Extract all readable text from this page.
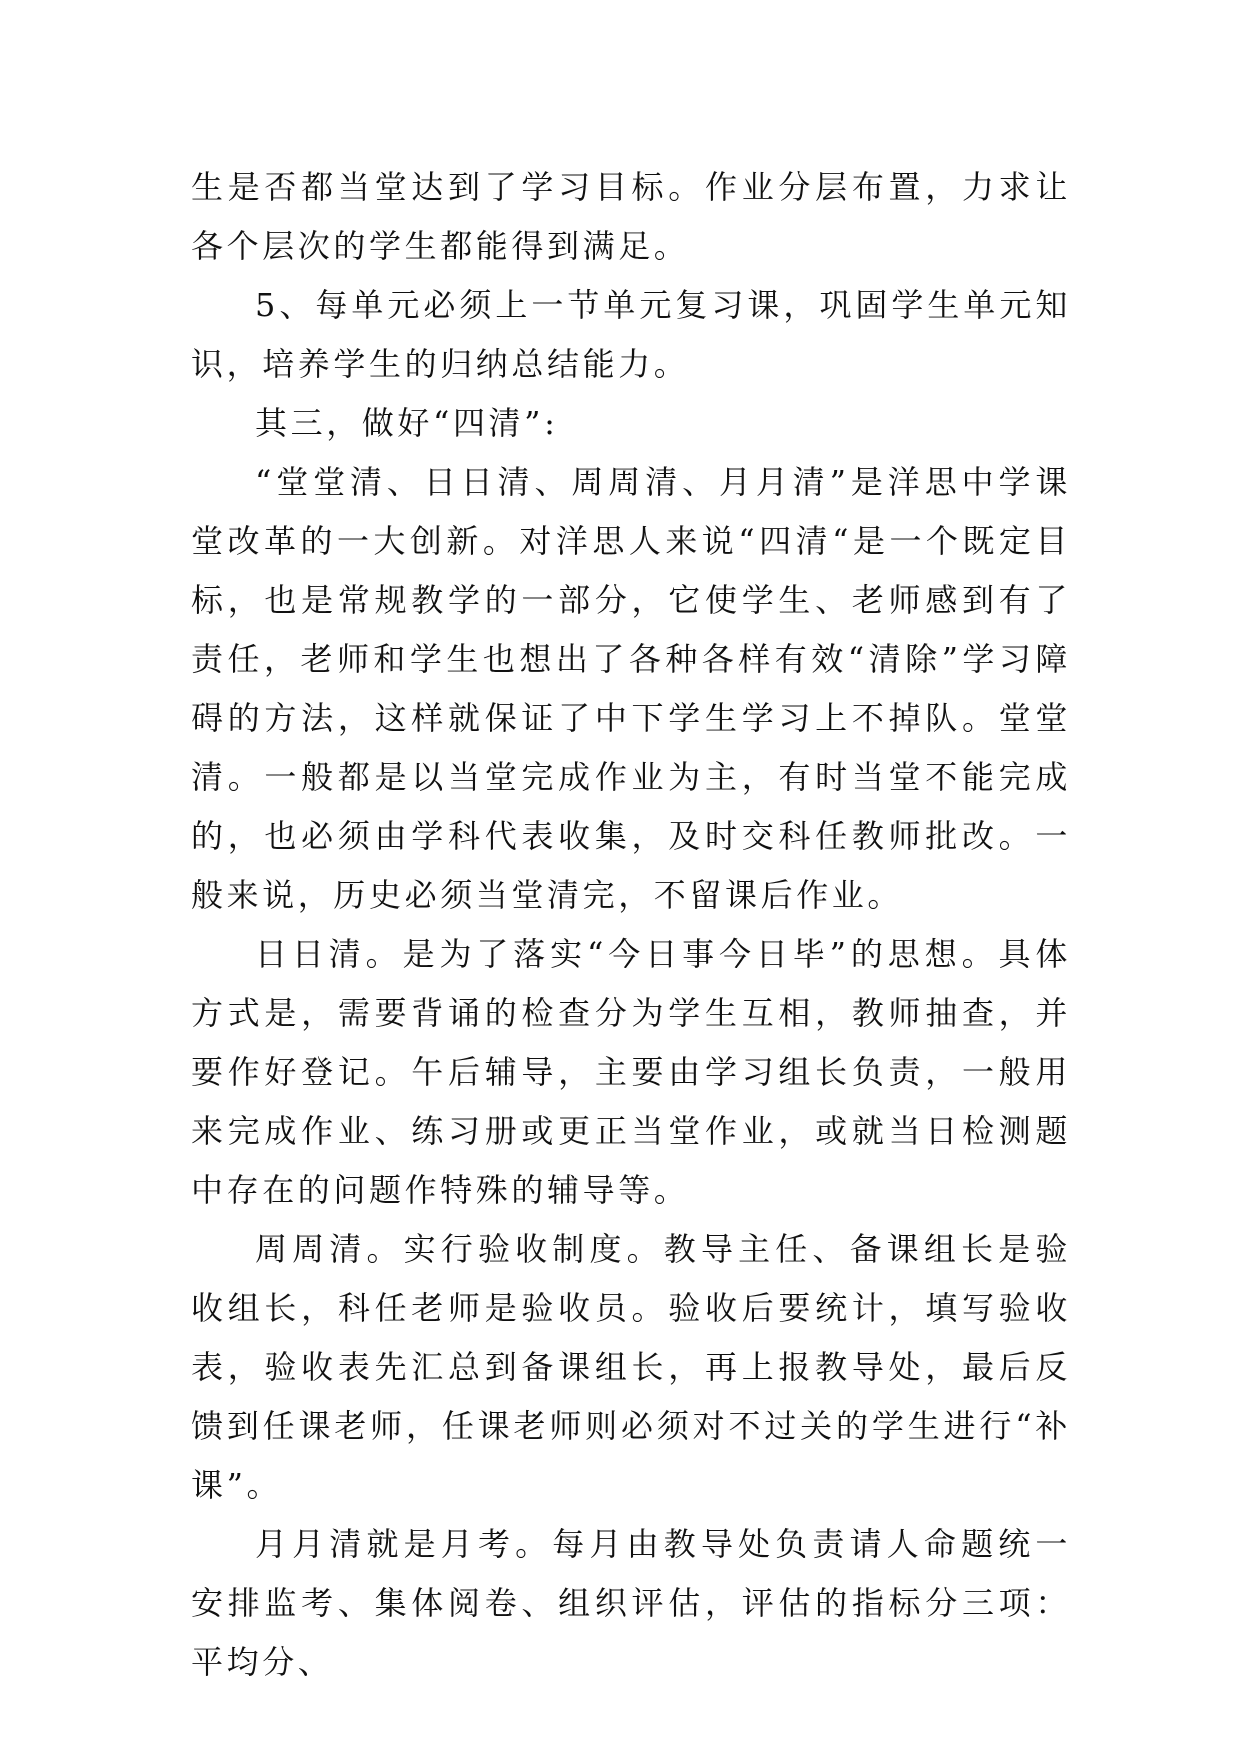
生是否都当堂达到了学习目标。作业分层布置，力求让各个层次的学生都能得到满足。

5、每单元必须上一节单元复习课，巩固学生单元知识，培养学生的归纳总结能力。

其三，做好“四清”:

“堂堂清、日日清、周周清、月月清”是洋思中学课堂改革的一大创新。对洋思人来说“四清“是一个既定目标，也是常规教学的一部分，它使学生、老师感到有了责任，老师和学生也想出了各种各样有效“清除”学习障碍的方法，这样就保证了中下学生学习上不掉队。堂堂清。一般都是以当堂完成作业为主，有时当堂不能完成的，也必须由学科代表收集，及时交科任教师批改。一般来说，历史必须当堂清完，不留课后作业。

日日清。是为了落实“今日事今日毕”的思想。具体方式是，需要背诵的检查分为学生互相，教师抽查，并要作好登记。午后辅导，主要由学习组长负责，一般用来完成作业、练习册或更正当堂作业，或就当日检测题中存在的问题作特殊的辅导等。

周周清。实行验收制度。教导主任、备课组长是验收组长，科任老师是验收员。验收后要统计，填写验收表，验收表先汇总到备课组长，再上报教导处，最后反馈到任课老师，任课老师则必须对不过关的学生进行“补课”。

月月清就是月考。每月由教导处负责请人命题统一安排监考、集体阅卷、组织评估，评估的指标分三项：平均分、
